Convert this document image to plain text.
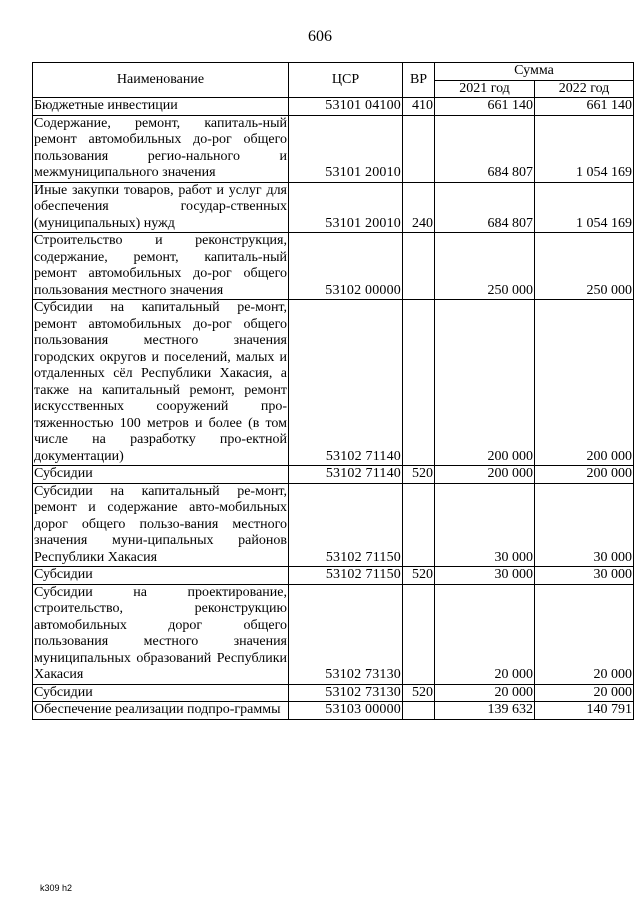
606
Наименование	ЦСР	ВР	Сумма	
			2021 год	2022 год
Бюджетные инвестиции	53101 04100	410	661 140	661 140
Содержание, ремонт, капиталь-ный ремонт автомобильных до-рог общего пользования регио-нального и межмуниципального значения	53101 20010		684 807	1 054 169
Иные закупки товаров, работ и услуг для обеспечения государ-ственных (муниципальных) нужд	53101 20010	240	684 807	1 054 169
Строительство и реконструкция, содержание, ремонт, капиталь-ный ремонт автомобильных до-рог общего пользования местного значения	53102 00000		250 000	250 000
Субсидии на капитальный ре-монт, ремонт автомобильных до-рог общего пользования местного значения городских округов и поселений, малых и отдаленных сёл Республики Хакасия, а также на капитальный ремонт, ремонт искусственных сооружений про-тяженностью 100 метров и более (в том числе на разработку про-ектной документации)	53102 71140		200 000	200 000
Субсидии	53102 71140	520	200 000	200 000
Субсидии на капитальный ре-монт, ремонт и содержание авто-мобильных дорог общего пользо-вания местного значения муни-ципальных районов Республики Хакасия	53102 71150		30 000	30 000
Субсидии	53102 71150	520	30 000	30 000
Субсидии на проектирование, строительство, реконструкцию автомобильных дорог общего пользования местного значения муниципальных образований Республики Хакасия	53102 73130		20 000	20 000
Субсидии	53102 73130	520	20 000	20 000
Обеспечение реализации подпро-граммы	53103 00000		139 632	140 791
k309 h2
